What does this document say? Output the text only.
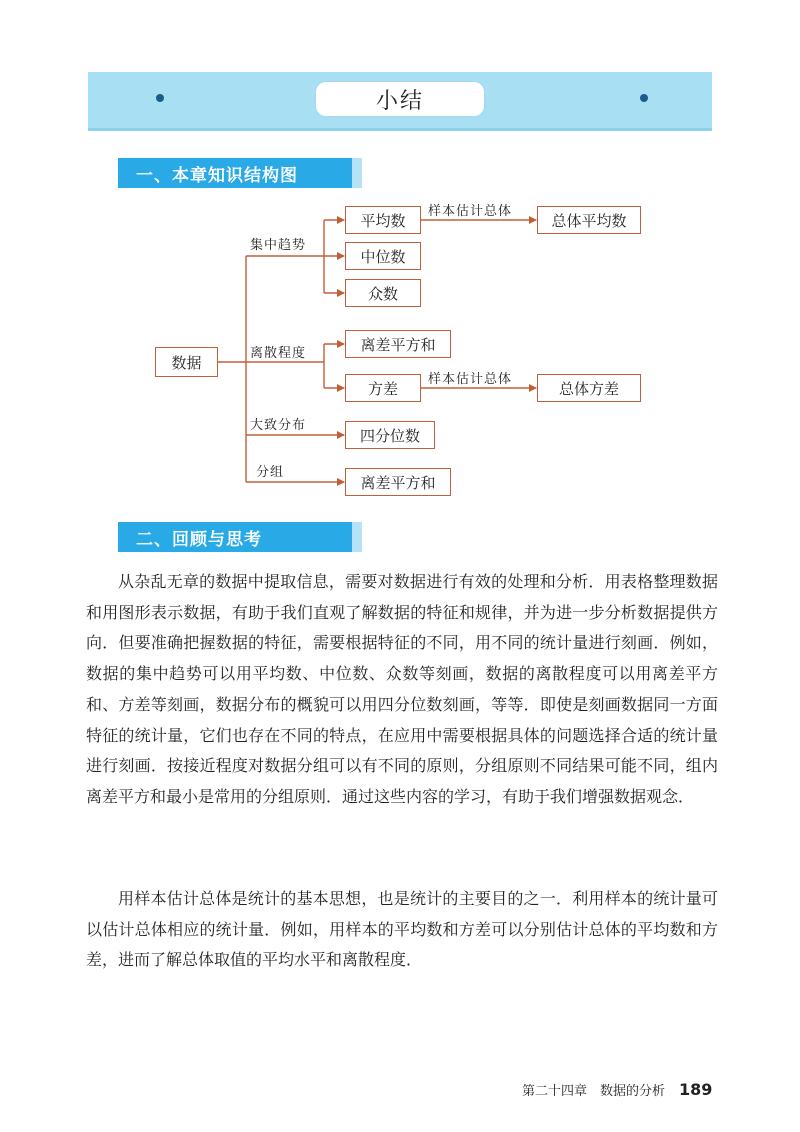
小结
一、本章知识结构图
数据
平均数
中位数
众数
离差平方和
方差
四分位数
离差平方和
总体平均数
总体方差
集中趋势
离散程度
大致分布
分组
样本估计总体
样本估计总体
二、回顾与思考

从杂乱无章的数据中提取信息，需要对数据进行有效的处理和分析．用表格整理数据和用图形表示数据，有助于我们直观了解数据的特征和规律，并为进一步分析数据提供方向．但要准确把握数据的特征，需要根据特征的不同，用不同的统计量进行刻画．例如，数据的集中趋势可以用平均数、中位数、众数等刻画，数据的离散程度可以用离差平方和、方差等刻画，数据分布的概貌可以用四分位数刻画，等等．即使是刻画数据同一方面特征的统计量，它们也存在不同的特点，在应用中需要根据具体的问题选择合适的统计量进行刻画．按接近程度对数据分组可以有不同的原则，分组原则不同结果可能不同，组内离差平方和最小是常用的分组原则．通过这些内容的学习，有助于我们增强数据观念．

用样本估计总体是统计的基本思想，也是统计的主要目的之一．利用样本的统计量可以估计总体相应的统计量．例如，用样本的平均数和方差可以分别估计总体的平均数和方差，进而了解总体取值的平均水平和离散程度．

第二十四章　数据的分析 189
